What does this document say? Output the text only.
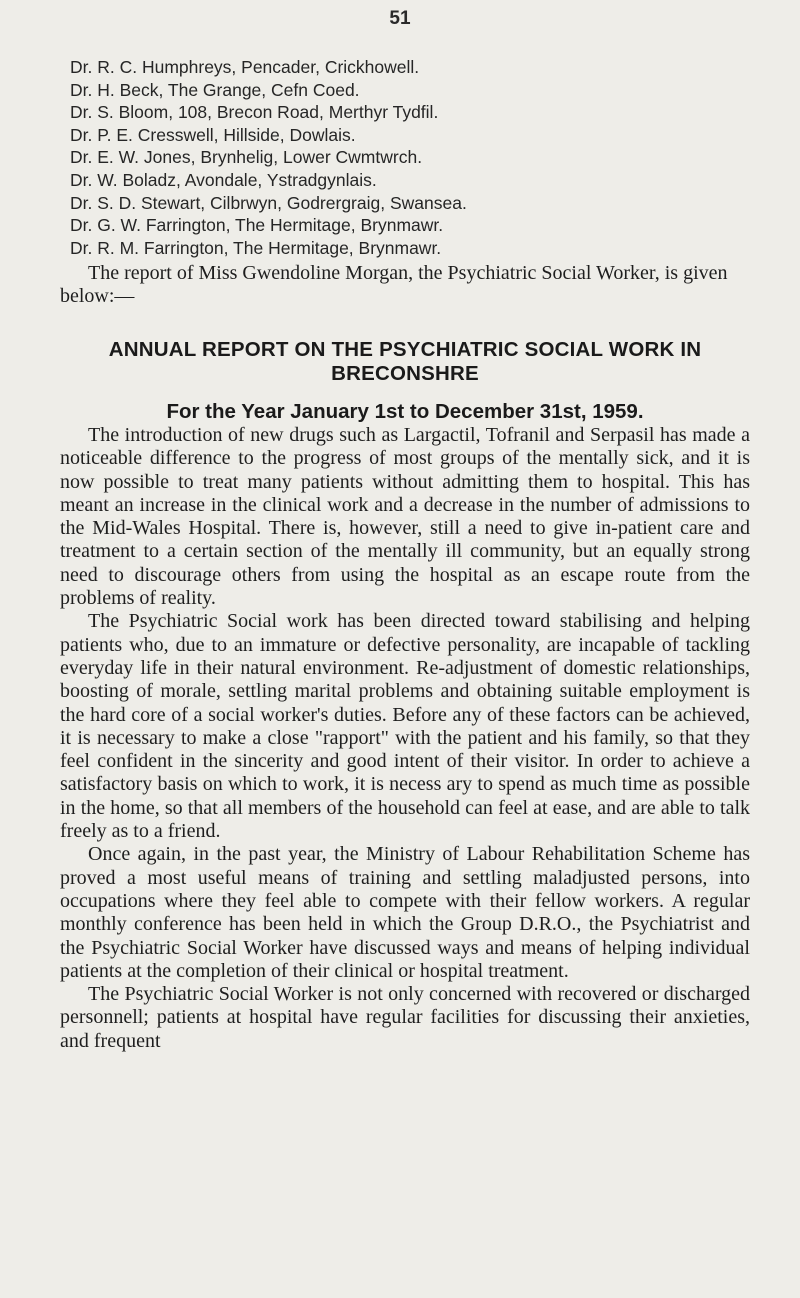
51
Dr. R. C. Humphreys, Pencader, Crickhowell.
Dr. H. Beck, The Grange, Cefn Coed.
Dr. S. Bloom, 108, Brecon Road, Merthyr Tydfil.
Dr. P. E. Cresswell, Hillside, Dowlais.
Dr. E. W. Jones, Brynhelig, Lower Cwmtwrch.
Dr. W. Boladz, Avondale, Ystradgynlais.
Dr. S. D. Stewart, Cilbrwyn, Godrergraig, Swansea.
Dr. G. W. Farrington, The Hermitage, Brynmawr.
Dr. R. M. Farrington, The Hermitage, Brynmawr.

The report of Miss Gwendoline Morgan, the Psychiatric Social Worker, is given below:—

ANNUAL REPORT ON THE PSYCHIATRIC SOCIAL WORK IN BRECONSHRE
For the Year January 1st to December 31st, 1959.

The introduction of new drugs such as Largactil, Tofranil and Serpasil has made a noticeable difference to the progress of most groups of the mentally sick, and it is now possible to treat many patients without admitting them to hospital. This has meant an increase in the clinical work and a decrease in the number of admissions to the Mid-Wales Hospital. There is, however, still a need to give in-patient care and treatment to a certain section of the mentally ill community, but an equally strong need to discourage others from using the hospital as an escape route from the problems of reality.

The Psychiatric Social work has been directed toward stabilising and helping patients who, due to an immature or defective personality, are incapable of tackling everyday life in their natural environment. Re-adjustment of domestic relationships, boosting of morale, settling marital problems and obtaining suitable employment is the hard core of a social worker's duties. Before any of these factors can be achieved, it is necessary to make a close "rapport" with the patient and his family, so that they feel confident in the sincerity and good intent of their visitor. In order to achieve a satisfactory basis on which to work, it is necess ary to spend as much time as possible in the home, so that all members of the household can feel at ease, and are able to talk freely as to a friend.

Once again, in the past year, the Ministry of Labour Rehabilitation Scheme has proved a most useful means of training and settling maladjusted persons, into occupations where they feel able to compete with their fellow workers. A regular monthly conference has been held in which the Group D.R.O., the Psychiatrist and the Psychiatric Social Worker have discussed ways and means of helping individual patients at the completion of their clinical or hospital treatment.

The Psychiatric Social Worker is not only concerned with recovered or discharged personnell; patients at hospital have regular facilities for discussing their anxieties, and frequent
